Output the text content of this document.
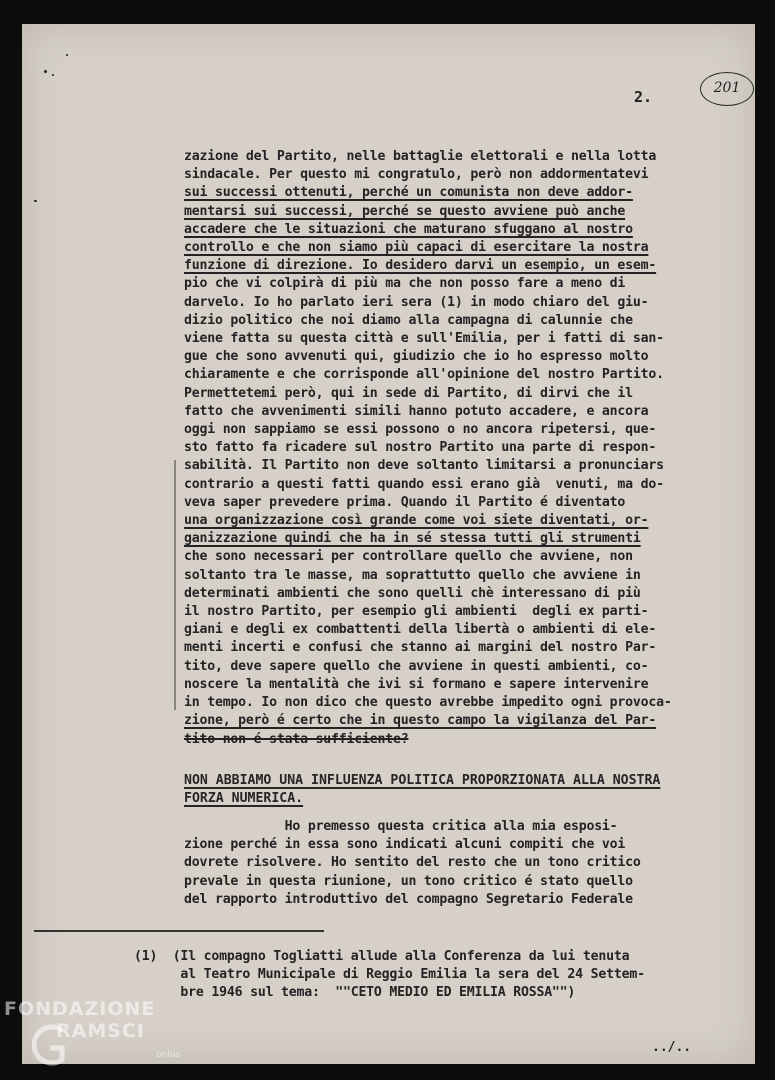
201
2.
zazione del Partito, nelle battaglie elettorali e nella lotta
sindacale. Per questo mi congratulo, però non addormentatevi
sui successi ottenuti, perché un comunista non deve addor-
mentarsi sui successi, perché se questo avviene può anche
accadere che le situazioni che maturano sfuggano al nostro
controllo e che non siamo più capaci di esercitare la nostra
funzione di direzione. Io desidero darvi un esempio, un esem-
pio che vi colpirà di più ma che non posso fare a meno di
darvelo. Io ho parlato ieri sera (1) in modo chiaro del giu-
dizio politico che noi diamo alla campagna di calunnie che
viene fatta su questa città e sull'Emilia, per i fatti di san-
gue che sono avvenuti qui, giudizio che io ho espresso molto
chiaramente e che corrisponde all'opinione del nostro Partito.
Permettetemi però, qui in sede di Partito, di dirvi che il
fatto che avvenimenti simili hanno potuto accadere, e ancora
oggi non sappiamo se essi possono o no ancora ripetersi, que-
sto fatto fa ricadere sul nostro Partito una parte di respon-
sabilità. Il Partito non deve soltanto limitarsi a pronunciars
contrario a questi fatti quando essi erano già  venuti, ma do-
veva saper prevedere prima. Quando il Partito é diventato
una organizzazione così grande come voi siete diventati, or-
ganizzazione quindi che ha in sé stessa tutti gli strumenti
che sono necessari per controllare quello che avviene, non
soltanto tra le masse, ma soprattutto quello che avviene in
determinati ambienti che sono quelli chè interessano di più
il nostro Partito, per esempio gli ambienti  degli ex parti-
giani e degli ex combattenti della libertà o ambienti di ele-
menti incerti e confusi che stanno ai margini del nostro Par-
tito, deve sapere quello che avviene in questi ambienti, co-
noscere la mentalità che ivi si formano e sapere intervenire
in tempo. Io non dico che questo avrebbe impedito ogni provoca-
zione, però é certo che in questo campo la vigilanza del Par-
tito non é stata sufficiente?
NON ABBIAMO UNA INFLUENZA POLITICA PROPORZIONATA ALLA NOSTRA
FORZA NUMERICA.
Ho premesso questa critica alla mia esposi-
zione perché in essa sono indicati alcuni compiti che voi
dovrete risolvere. Ho sentito del resto che un tono critico
prevale in questa riunione, un tono critico é stato quello
del rapporto introduttivo del compagno Segretario Federale
(1)  (Il compagno Togliatti allude alla Conferenza da lui tenuta
al Teatro Municipale di Reggio Emilia la sera del 24 Settem-
bre 1946 sul tema:  ""CETO MEDIO ED EMILIA ROSSA"")
../..
FONDAZIONE
RAMSCI
onlus
